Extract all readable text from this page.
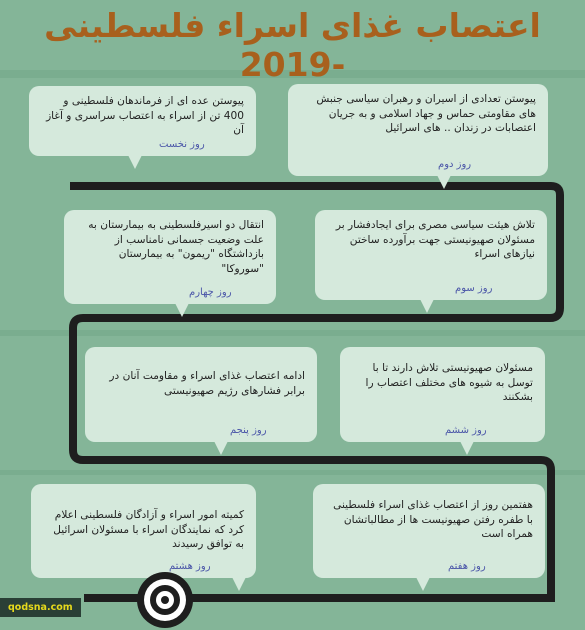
اعتصاب غذای اسراء فلسطینی -2019
پیوستن عده ای از فرماندهان فلسطینی و 400 تن از اسراء به اعتصاب سراسری و آغاز آن
روز نخست
پیوستن تعدادی از اسیران و رهبران سیاسی جنبش های مقاومتی حماس و جهاد اسلامی و به جریان اعتصابات در زندان .. های اسرائیل
روز دوم
تلاش هیئت سیاسی مصری برای ایجادفشار بر مسئولان صهیونیستی جهت برآورده ساختن نیازهای اسراء
روز سوم
انتقال دو اسیرفلسطینی به بیمارستان به علت وضعیت جسمانی نامناسب از بازداشتگاه "ریمون" به بیمارستان "سوروکا"
روز چهارم
ادامه اعتصاب غذای اسراء و مقاومت آنان در برابر فشارهای رژیم صهیونیستی
روز پنجم
مسئولان صهیونیستی تلاش دارند تا با توسل به شیوه های مختلف اعتصاب را بشکنند
روز ششم
کمیته امور اسراء و آزادگان فلسطینی اعلام کرد که نمایندگان اسراء با مسئولان اسرائیل به توافق رسیدند
روز هشتم
هفتمین روز از اعتصاب غذای اسراء فلسطینی با طفره رفتن صهیونیست ها از مطالباتشان همراه است
روز هفتم
qodsna.com
